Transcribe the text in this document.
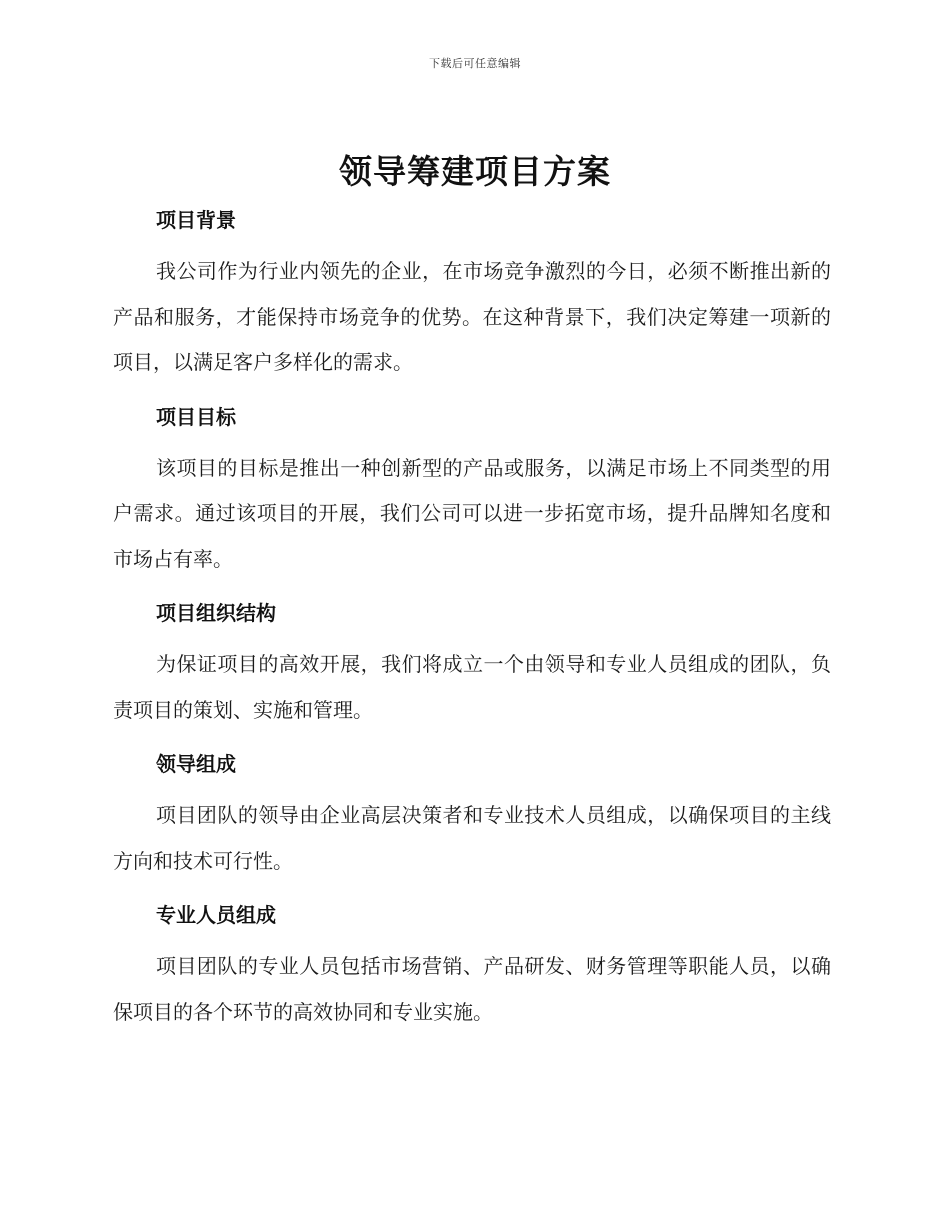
下载后可任意编辑
领导筹建项目方案
项目背景

我公司作为行业内领先的企业，在市场竞争激烈的今日，必须不断推出新的产品和服务，才能保持市场竞争的优势。在这种背景下，我们决定筹建一项新的项目，以满足客户多样化的需求。

项目目标

该项目的目标是推出一种创新型的产品或服务，以满足市场上不同类型的用户需求。通过该项目的开展，我们公司可以进一步拓宽市场，提升品牌知名度和市场占有率。

项目组织结构

为保证项目的高效开展，我们将成立一个由领导和专业人员组成的团队，负责项目的策划、实施和管理。

领导组成

项目团队的领导由企业高层决策者和专业技术人员组成，以确保项目的主线方向和技术可行性。

专业人员组成

项目团队的专业人员包括市场营销、产品研发、财务管理等职能人员，以确保项目的各个环节的高效协同和专业实施。
